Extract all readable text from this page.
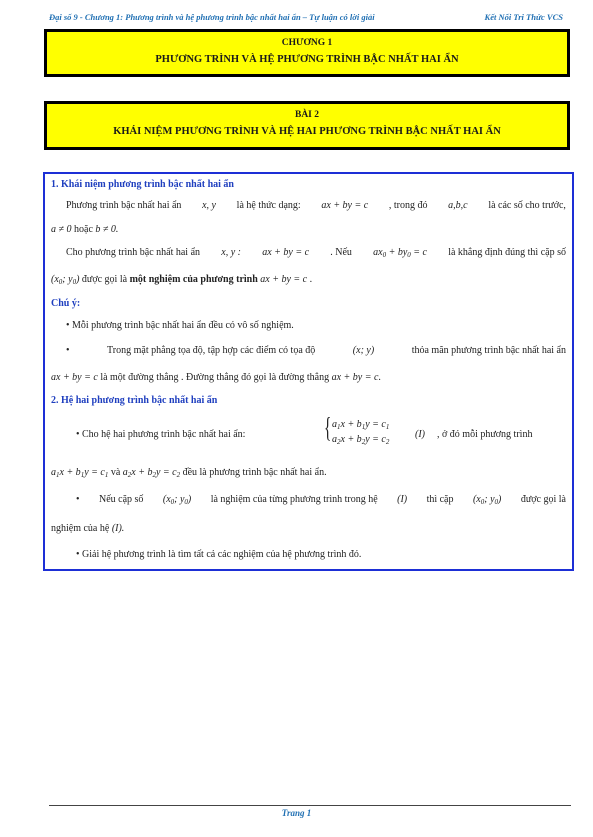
Đại số 9 - Chương 1: Phương trình và hệ phương trình bậc nhất hai ẩn – Tự luận có lời giải	Kết Nối Tri Thức VCS
CHƯƠNG 1
PHƯƠNG TRÌNH VÀ HỆ PHƯƠNG TRÌNH BẬC NHẤT HAI ẨN
BÀI 2
KHÁI NIỆM PHƯƠNG TRÌNH VÀ HỆ HAI PHƯƠNG TRÌNH BẬC NHẤT HAI ẨN
1. Khái niệm phương trình bậc nhất hai ẩn
Phương trình bậc nhất hai ẩn x, y là hệ thức dạng: ax + by = c , trong đó a,b,c là các số cho trước,
a ≠ 0 hoặc b ≠ 0.
Cho phương trình bậc nhất hai ẩn x, y : ax + by = c . Nếu $ax_0 + by_0 = c$ là khẳng định đúng thì cặp số
($x_0$; $y_0$) được gọi là một nghiệm của phương trình ax + by = c .
Chú ý:
• Mỗi phương trình bậc nhất hai ẩn đều có vô số nghiệm.
•	Trong mặt phẳng tọa độ, tập hợp các điểm có tọa độ	(x; y)	thỏa mãn phương trình bậc nhất hai ẩn
ax + by = c là một đường thẳng . Đường thẳng đó gọi là đường thẳng ax + by = c.
2. Hệ hai phương trình bậc nhất hai ẩn
• Cho hệ hai phương trình bậc nhất hai ẩn:	{ $a_1x + b_1y = c_1$
$a_2x + b_2y = c_2$
(I) , ở đó mỗi phương trình
$a_1x + b_1y = c_1$ và $a_2x + b_2y = c_2$ đều là phương trình bậc nhất hai ẩn.
• Nếu cặp số ($x_0$; $y_0$) là nghiệm của từng phương trình trong hệ (I) thì cặp ($x_0$; $y_0$) được gọi là
nghiệm của hệ (I).
• Giải hệ phương trình là tìm tất cả các nghiệm của hệ phương trình đó.
Trang 1
